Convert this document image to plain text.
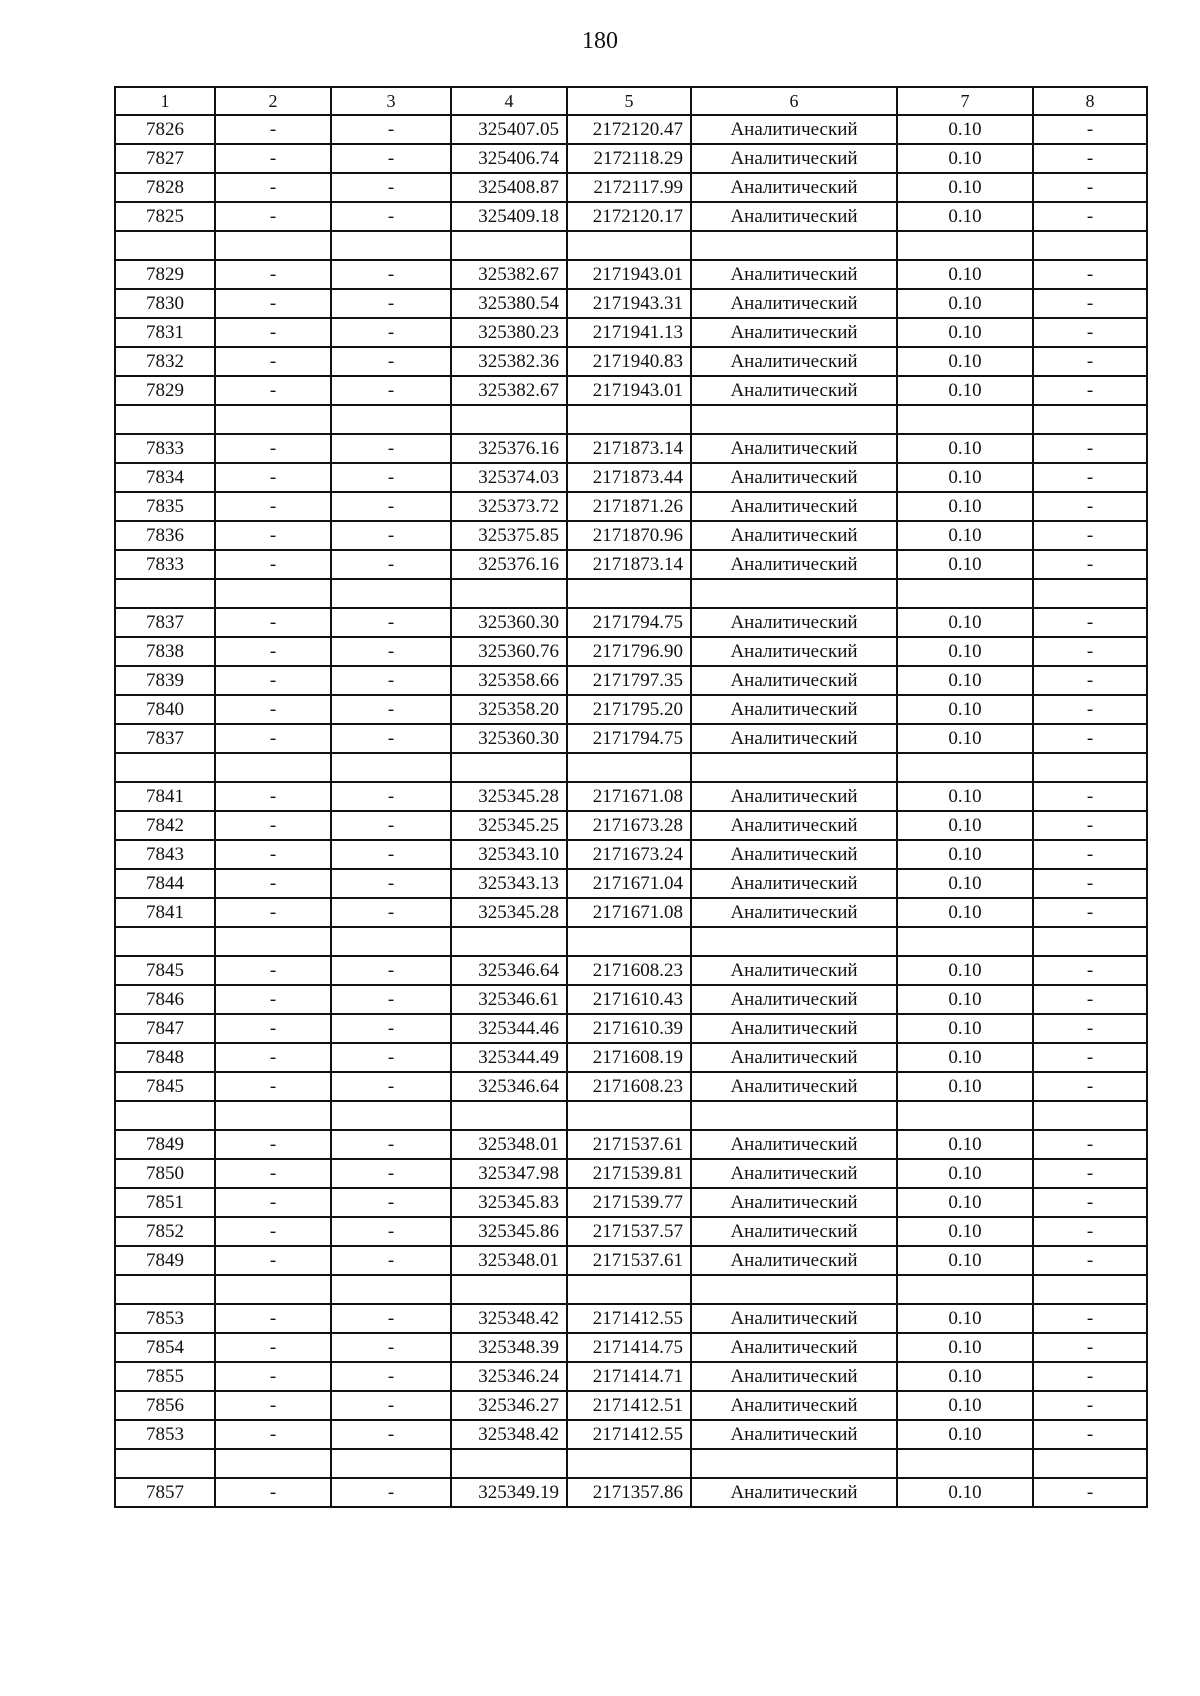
180
1	2	3	4	5	6	7	8
7826	-	-	325407.05	2172120.47	Аналитический	0.10	-
7827	-	-	325406.74	2172118.29	Аналитический	0.10	-
7828	-	-	325408.87	2172117.99	Аналитический	0.10	-
7825	-	-	325409.18	2172120.17	Аналитический	0.10	-

7829	-	-	325382.67	2171943.01	Аналитический	0.10	-
7830	-	-	325380.54	2171943.31	Аналитический	0.10	-
7831	-	-	325380.23	2171941.13	Аналитический	0.10	-
7832	-	-	325382.36	2171940.83	Аналитический	0.10	-
7829	-	-	325382.67	2171943.01	Аналитический	0.10	-

7833	-	-	325376.16	2171873.14	Аналитический	0.10	-
7834	-	-	325374.03	2171873.44	Аналитический	0.10	-
7835	-	-	325373.72	2171871.26	Аналитический	0.10	-
7836	-	-	325375.85	2171870.96	Аналитический	0.10	-
7833	-	-	325376.16	2171873.14	Аналитический	0.10	-

7837	-	-	325360.30	2171794.75	Аналитический	0.10	-
7838	-	-	325360.76	2171796.90	Аналитический	0.10	-
7839	-	-	325358.66	2171797.35	Аналитический	0.10	-
7840	-	-	325358.20	2171795.20	Аналитический	0.10	-
7837	-	-	325360.30	2171794.75	Аналитический	0.10	-

7841	-	-	325345.28	2171671.08	Аналитический	0.10	-
7842	-	-	325345.25	2171673.28	Аналитический	0.10	-
7843	-	-	325343.10	2171673.24	Аналитический	0.10	-
7844	-	-	325343.13	2171671.04	Аналитический	0.10	-
7841	-	-	325345.28	2171671.08	Аналитический	0.10	-

7845	-	-	325346.64	2171608.23	Аналитический	0.10	-
7846	-	-	325346.61	2171610.43	Аналитический	0.10	-
7847	-	-	325344.46	2171610.39	Аналитический	0.10	-
7848	-	-	325344.49	2171608.19	Аналитический	0.10	-
7845	-	-	325346.64	2171608.23	Аналитический	0.10	-

7849	-	-	325348.01	2171537.61	Аналитический	0.10	-
7850	-	-	325347.98	2171539.81	Аналитический	0.10	-
7851	-	-	325345.83	2171539.77	Аналитический	0.10	-
7852	-	-	325345.86	2171537.57	Аналитический	0.10	-
7849	-	-	325348.01	2171537.61	Аналитический	0.10	-

7853	-	-	325348.42	2171412.55	Аналитический	0.10	-
7854	-	-	325348.39	2171414.75	Аналитический	0.10	-
7855	-	-	325346.24	2171414.71	Аналитический	0.10	-
7856	-	-	325346.27	2171412.51	Аналитический	0.10	-
7853	-	-	325348.42	2171412.55	Аналитический	0.10	-

7857	-	-	325349.19	2171357.86	Аналитический	0.10	-
